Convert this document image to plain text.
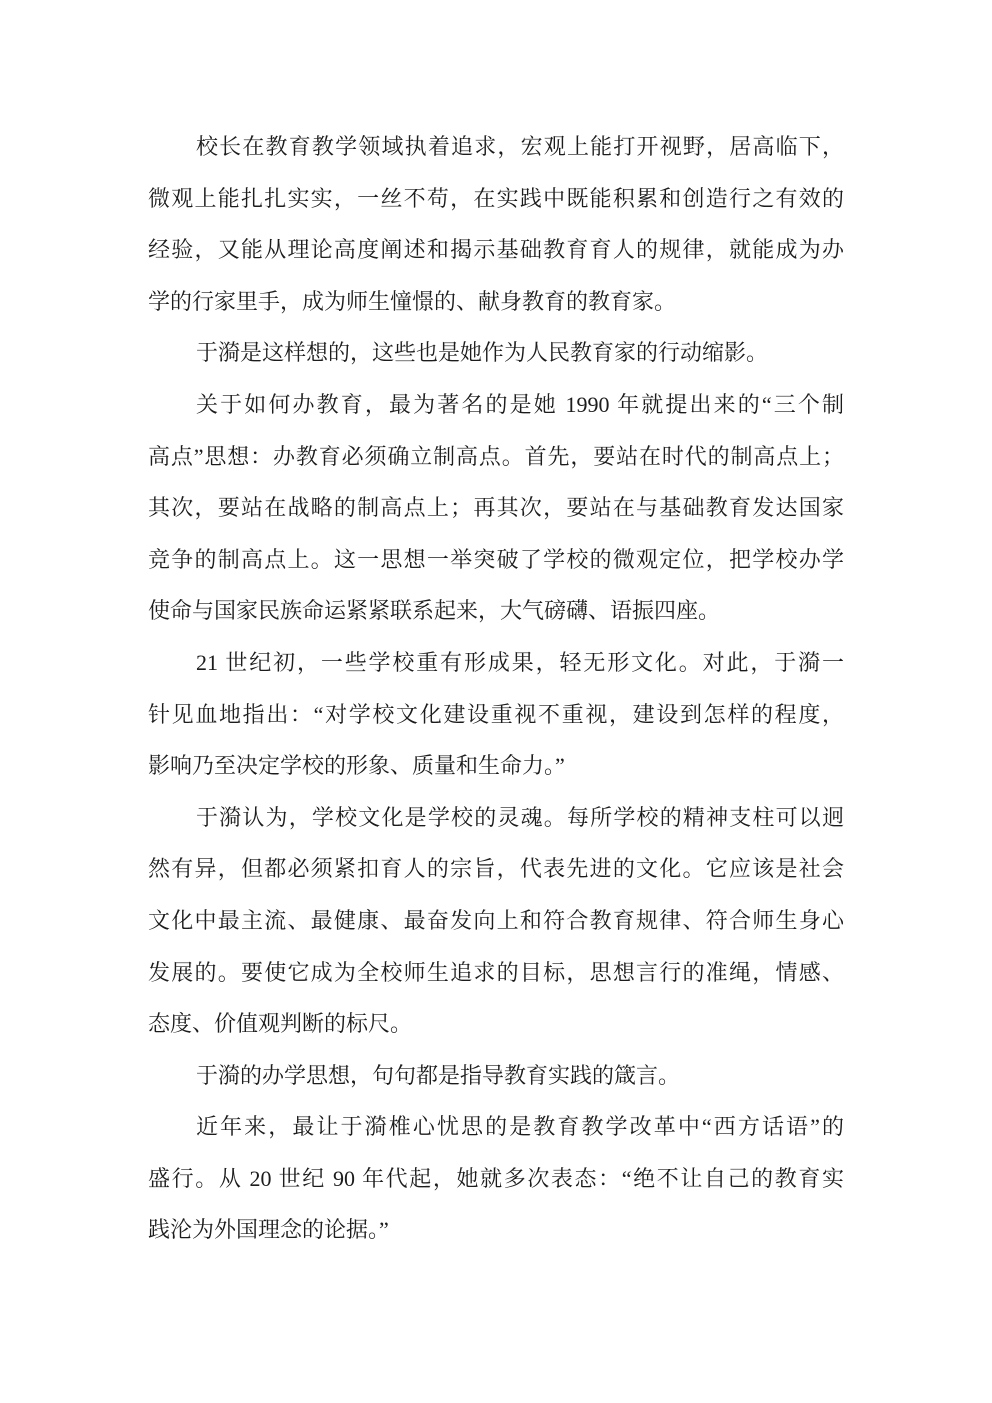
校长在教育教学领域执着追求，宏观上能打开视野，居高临下，
微观上能扎扎实实，一丝不苟，在实践中既能积累和创造行之有效的
经验，又能从理论高度阐述和揭示基础教育育人的规律，就能成为办
学的行家里手，成为师生憧憬的、献身教育的教育家。
于漪是这样想的，这些也是她作为人民教育家的行动缩影。
关于如何办教育，最为著名的是她 1990 年就提出来的“三个制
高点”思想：办教育必须确立制高点。首先，要站在时代的制高点上；
其次，要站在战略的制高点上；再其次，要站在与基础教育发达国家
竞争的制高点上。这一思想一举突破了学校的微观定位，把学校办学
使命与国家民族命运紧紧联系起来，大气磅礴、语振四座。
21 世纪初，一些学校重有形成果，轻无形文化。对此，于漪一
针见血地指出：“对学校文化建设重视不重视，建设到怎样的程度，
影响乃至决定学校的形象、质量和生命力。”
于漪认为，学校文化是学校的灵魂。每所学校的精神支柱可以迥
然有异，但都必须紧扣育人的宗旨，代表先进的文化。它应该是社会
文化中最主流、最健康、最奋发向上和符合教育规律、符合师生身心
发展的。要使它成为全校师生追求的目标，思想言行的准绳，情感、
态度、价值观判断的标尺。
于漪的办学思想，句句都是指导教育实践的箴言。
近年来，最让于漪椎心忧思的是教育教学改革中“西方话语”的
盛行。从 20 世纪 90 年代起，她就多次表态：“绝不让自己的教育实
践沦为外国理念的论据。”
